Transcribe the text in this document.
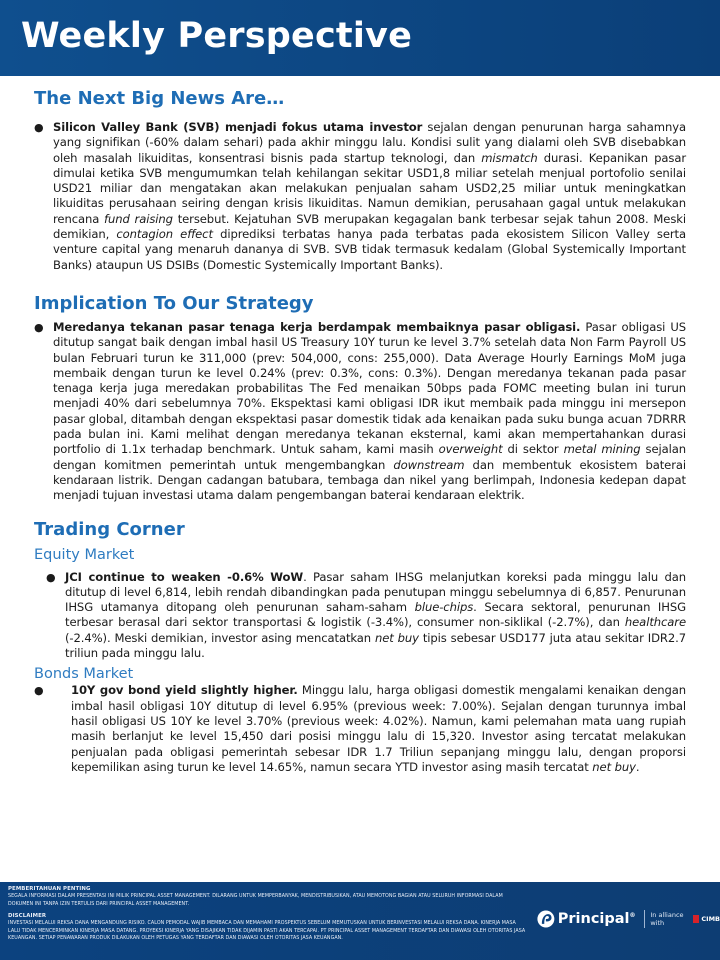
Weekly Perspective
The Next Big News Are…
● Silicon Valley Bank (SVB) menjadi fokus utama investor sejalan dengan penurunan harga sahamnya yang signifikan (-60% dalam sehari) pada akhir minggu lalu. Kondisi sulit yang dialami oleh SVB disebabkan oleh masalah likuiditas, konsentrasi bisnis pada startup teknologi, dan mismatch durasi. Kepanikan pasar dimulai ketika SVB mengumumkan telah kehilangan sekitar USD1,8 miliar setelah menjual portofolio senilai USD21 miliar dan mengatakan akan melakukan penjualan saham USD2,25 miliar untuk meningkatkan likuiditas perusahaan seiring dengan krisis likuiditas. Namun demikian, perusahaan gagal untuk melakukan rencana fund raising tersebut. Kejatuhan SVB merupakan kegagalan bank terbesar sejak tahun 2008. Meski demikian, contagion effect diprediksi terbatas hanya pada terbatas pada ekosistem Silicon Valley serta venture capital yang menaruh dananya di SVB. SVB tidak termasuk kedalam (Global Systemically Important Banks) ataupun US DSIBs (Domestic Systemically Important Banks).
Implication To Our Strategy
● Meredanya tekanan pasar tenaga kerja berdampak membaiknya pasar obligasi. Pasar obligasi US ditutup sangat baik dengan imbal hasil US Treasury 10Y turun ke level 3.7% setelah data Non Farm Payroll US bulan Februari turun ke 311,000 (prev: 504,000, cons: 255,000). Data Average Hourly Earnings MoM juga membaik dengan turun ke level 0.24% (prev: 0.3%, cons: 0.3%). Dengan meredanya tekanan pada pasar tenaga kerja juga meredakan probabilitas The Fed menaikan 50bps pada FOMC meeting bulan ini turun menjadi 40% dari sebelumnya 70%. Ekspektasi kami obligasi IDR ikut membaik pada minggu ini mersepon pasar global, ditambah dengan ekspektasi pasar domestik tidak ada kenaikan pada suku bunga acuan 7DRRR pada bulan ini. Kami melihat dengan meredanya tekanan eksternal, kami akan mempertahankan durasi portfolio di 1.1x terhadap benchmark. Untuk saham, kami masih overweight di sektor metal mining sejalan dengan komitmen pemerintah untuk mengembangkan downstream dan membentuk ekosistem baterai kendaraan listrik. Dengan cadangan batubara, tembaga dan nikel yang berlimpah, Indonesia kedepan dapat menjadi tujuan investasi utama dalam pengembangan baterai kendaraan elektrik.
Trading Corner
Equity Market
● JCI continue to weaken -0.6% WoW. Pasar saham IHSG melanjutkan koreksi pada minggu lalu dan ditutup di level 6,814, lebih rendah dibandingkan pada penutupan minggu sebelumnya di 6,857. Penurunan IHSG utamanya ditopang oleh penurunan saham-saham blue-chips. Secara sektoral, penurunan IHSG terbesar berasal dari sektor transportasi & logistik (-3.4%), consumer non-siklikal (-2.7%), dan healthcare (-2.4%). Meski demikian, investor asing mencatatkan net buy tipis sebesar USD177 juta atau sekitar IDR2.7 triliun pada minggu lalu.
Bonds Market
● 10Y gov bond yield slightly higher. Minggu lalu, harga obligasi domestik mengalami kenaikan dengan imbal hasil obligasi 10Y ditutup di level 6.95% (previous week: 7.00%). Sejalan dengan turunnya imbal hasil obligasi US 10Y ke level 3.70% (previous week: 4.02%). Namun, kami pelemahan mata uang rupiah masih berlanjut ke level 15,450 dari posisi minggu lalu di 15,320. Investor asing tercatat melakukan penjualan pada obligasi pemerintah sebesar IDR 1.7 Triliun sepanjang minggu lalu, dengan proporsi kepemilikan asing turun ke level 14.65%, namun secara YTD investor asing masih tercatat net buy.
PEMBERITAHUAN PENTING
SEGALA INFORMASI DALAM PRESENTASI INI MILIK PRINCIPAL ASSET MANAGEMENT. DILARANG UNTUK MEMPERBANYAK, MENDISTRIBUSIKAN, ATAU MEMOTONG BAGIAN ATAU SELURUH INFORMASI DALAM DOKUMEN INI TANPA IZIN TERTULIS DARI PRINCIPAL ASSET MANAGEMENT.
DISCLAIMER
INVESTASI MELALUI REKSA DANA MENGANDUNG RISIKO. CALON PEMODAL WAJIB MEMBACA DAN MEMAHAMI PROSPEKTUS SEBELUM MEMUTUSKAN UNTUK BERINVESTASI MELALUI REKSA DANA. KINERJA MASA LALU TIDAK MENCERMINKAN KINERJA MASA DATANG. PROYEKSI KINERJA YANG DISAJIKAN TIDAK DIJAMIN PASTI AKAN TERCAPAI. PT PRINCIPAL ASSET MANAGEMENT TERDAFTAR DAN DIAWASI OLEH OTORITAS JASA KEUANGAN. SETIAP PENAWARAN PRODUK DILAKUKAN OLEH PETUGAS YANG TERDAFTAR DAN DIAWASI OLEH OTORITAS JASA KEUANGAN.
Principal® In alliance with	CIMB
